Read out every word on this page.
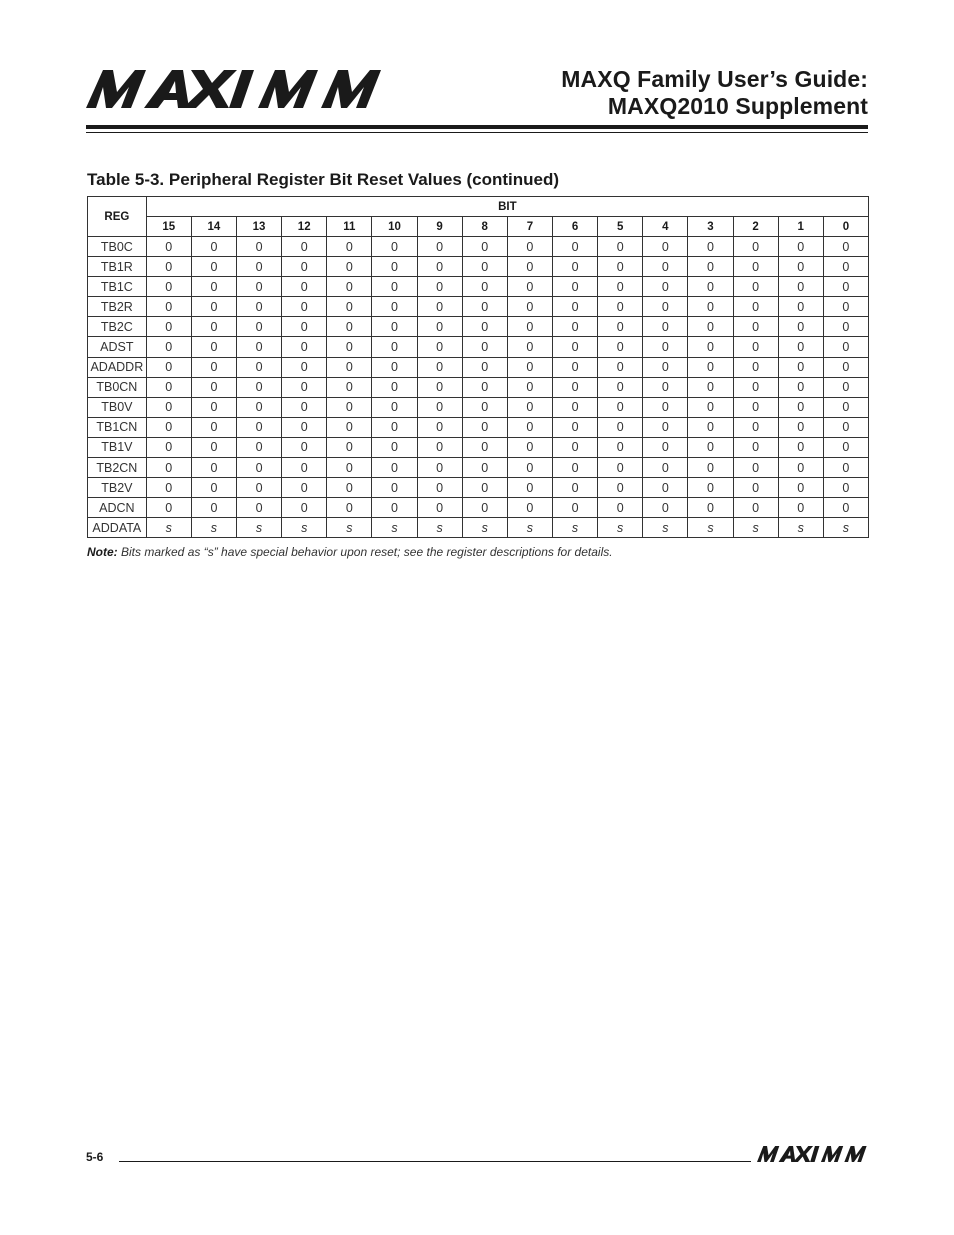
MAXQ Family User’s Guide:
MAXQ2010 Supplement
Table 5-3. Peripheral Register Bit Reset Values (continued)
REG	BIT															
	15	14	13	12	11	10	9	8	7	6	5	4	3	2	1	0
TB0C	0	0	0	0	0	0	0	0	0	0	0	0	0	0	0	0
TB1R	0	0	0	0	0	0	0	0	0	0	0	0	0	0	0	0
TB1C	0	0	0	0	0	0	0	0	0	0	0	0	0	0	0	0
TB2R	0	0	0	0	0	0	0	0	0	0	0	0	0	0	0	0
TB2C	0	0	0	0	0	0	0	0	0	0	0	0	0	0	0	0
ADST	0	0	0	0	0	0	0	0	0	0	0	0	0	0	0	0
ADADDR	0	0	0	0	0	0	0	0	0	0	0	0	0	0	0	0
TB0CN	0	0	0	0	0	0	0	0	0	0	0	0	0	0	0	0
TB0V	0	0	0	0	0	0	0	0	0	0	0	0	0	0	0	0
TB1CN	0	0	0	0	0	0	0	0	0	0	0	0	0	0	0	0
TB1V	0	0	0	0	0	0	0	0	0	0	0	0	0	0	0	0
TB2CN	0	0	0	0	0	0	0	0	0	0	0	0	0	0	0	0
TB2V	0	0	0	0	0	0	0	0	0	0	0	0	0	0	0	0
ADCN	0	0	0	0	0	0	0	0	0	0	0	0	0	0	0	0
ADDATA	s	s	s	s	s	s	s	s	s	s	s	s	s	s	s	s
Note: Bits marked as “s” have special behavior upon reset; see the register descriptions for details.
5-6
